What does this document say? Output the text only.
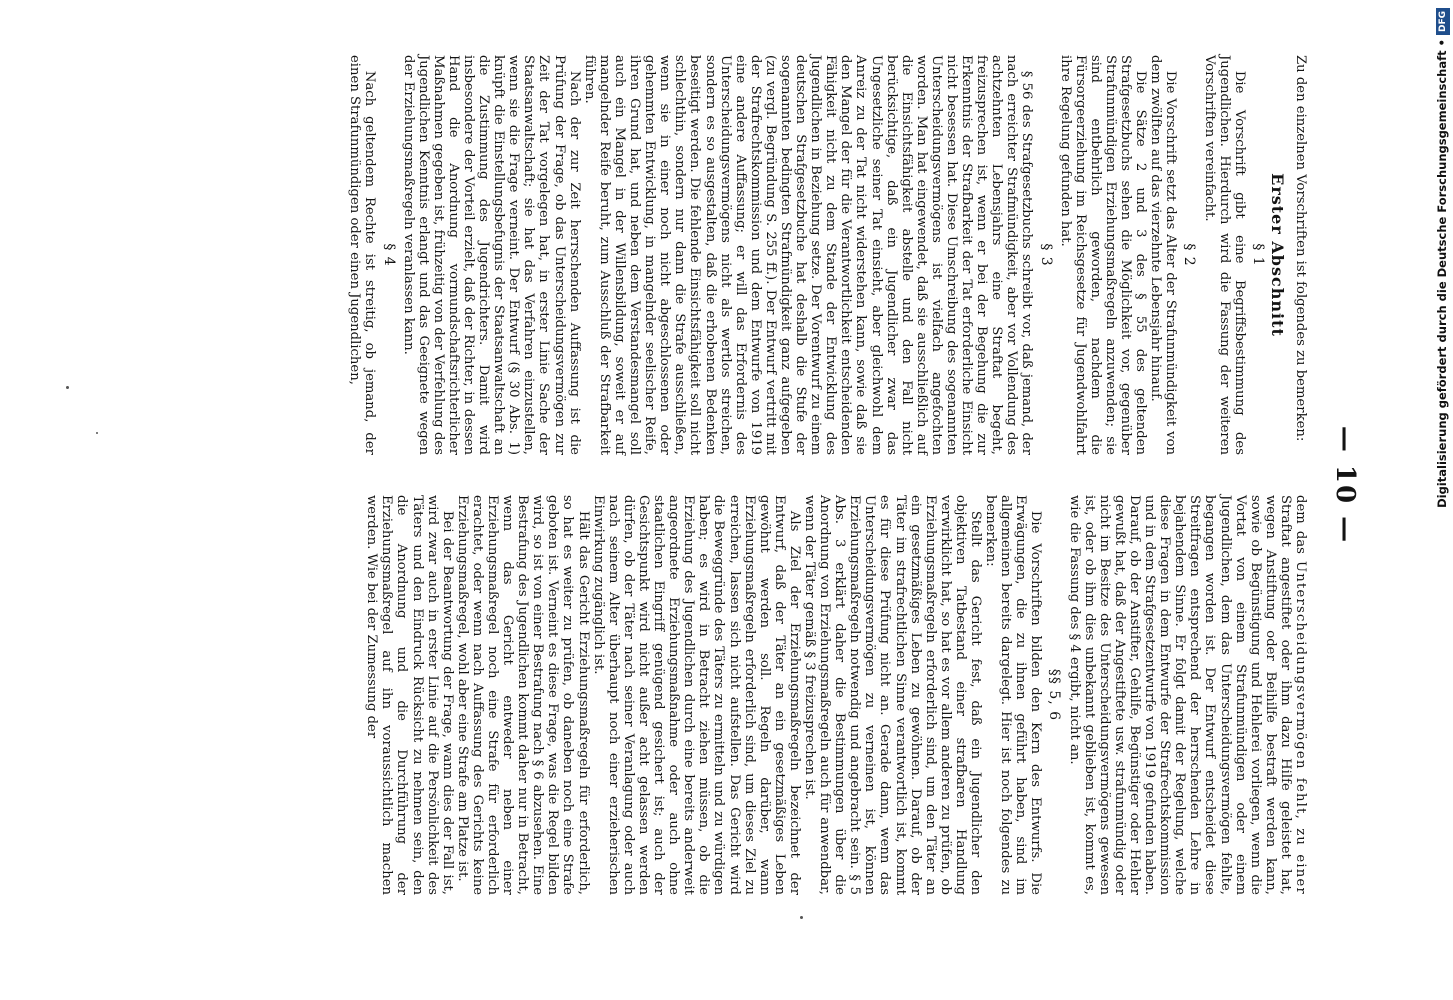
— 10 —

Zu den einzelnen Vorschriften ist folgendes zu bemerken:

Erster Abschnitt
§ 1

Die Vorschrift gibt eine Begriffsbestimmung des Jugendlichen. Hierdurch wird die Fassung der weiteren Vorschriften vereinfacht.

§ 2

Die Vorschrift setzt das Alter der Strafunmündigkeit von dem zwölften auf das vierzehnte Lebensjahr hinauf.

Die Sätze 2 und 3 des § 55 des geltenden Strafgesetzbuchs sehen die Möglichkeit vor, gegenüber Strafunmündigen Erziehungsmaßregeln anzuwenden; sie sind entbehrlich geworden, nachdem die Fürsorgeerziehung im Reichsgesetze für Jugendwohlfahrt ihre Regelung gefunden hat.

§ 3

§ 56 des Strafgesetzbuchs schreibt vor, daß jemand, der nach erreichter Strafmündigkeit, aber vor Vollendung des achtzehnten Lebensjahrs eine Straftat begeht, freizusprechen ist, wenn er bei der Begehung die zur Erkenntnis der Strafbarkeit der Tat erforderliche Einsicht nicht besessen hat. Diese Umschreibung des sogenannten Unterscheidungsvermögens ist vielfach angefochten worden. Man hat eingewendet, daß sie ausschließlich auf die Einsichtsfähigkeit abstelle und den Fall nicht berücksichtige, daß ein Jugendlicher zwar das Ungesetzliche seiner Tat einsieht, aber gleichwohl dem Anreiz zu der Tat nicht widerstehen kann, sowie daß sie den Mangel der für die Verantwortlichkeit entscheidenden Fähigkeit nicht zu dem Stande der Entwicklung des Jugendlichen in Beziehung setze. Der Vorentwurf zu einem deutschen Strafgesetzbuche hat deshalb die Stufe der sogenannten bedingten Strafmündigkeit ganz aufgegeben (zu vergl. Begründung S. 255 ff.). Der Entwurf vertritt mit der Strafrechtskommission und dem Entwurfe von 1919 eine andere Auffassung; er will das Erfordernis des Unterscheidungsvermögens nicht als wertlos streichen, sondern es so ausgestalten, daß die erhobenen Bedenken beseitigt werden. Die fehlende Einsichtsfähigkeit soll nicht schlechthin, sondern nur dann die Strafe ausschließen, wenn sie in einer noch nicht abgeschlossenen oder gehemmten Entwicklung, in mangelnder seelischer Reife, ihren Grund hat, und neben dem Verstandesmangel soll auch ein Mangel in der Willensbildung, soweit er auf mangelnder Reife beruht, zum Ausschluß der Strafbarkeit führen.

Nach der zur Zeit herrschenden Auffassung ist die Prüfung der Frage, ob das Unterscheidungsvermögen zur Zeit der Tat vorgelegen hat, in erster Linie Sache der Staatsanwaltschaft; sie hat das Verfahren einzustellen, wenn sie die Frage verneint. Der Entwurf (§ 30 Abs. 1) knüpft die Einstellungsbefugnis der Staatsanwaltschaft an die Zustimmung des Jugendrichters. Damit wird insbesondere der Vorteil erzielt, daß der Richter, in dessen Hand die Anordnung vormundschaftsrichterlicher Maßnahmen gegeben ist, frühzeitig von der Verfehlung des Jugendlichen Kenntnis erlangt und das Geeignete wegen der Erziehungsmaßregeln veranlassen kann.

§ 4

Nach geltendem Rechte ist streitig, ob jemand, der einen Strafunmündigen oder einen Jugendlichen,

dem das Unterscheidungsvermögen fehlt, zu einer Straftat angestiftet oder ihm dazu Hilfe geleistet hat, wegen Anstiftung oder Beihilfe bestraft werden kann, sowie ob Begünstigung und Hehlerei vorliegen, wenn die Vortat von einem Strafunmündigen oder einem Jugendlichen, dem das Unterscheidungsvermögen fehlte, begangen worden ist. Der Entwurf entscheidet diese Streitfragen entsprechend der herrschenden Lehre in bejahendem Sinne. Er folgt damit der Regelung, welche diese Fragen in dem Entwurfe der Strafrechtskommission und in dem Strafgesetzentwurfe von 1919 gefunden haben. Darauf, ob der Anstifter, Gehilfe, Begünstiger oder Hehler gewußt hat, daß der Angestiftete usw. strafunmündig oder nicht im Besitze des Unterscheidungsvermögens gewesen ist, oder ob ihm dies unbekannt geblieben ist, kommt es, wie die Fassung des § 4 ergibt, nicht an.

§§ 5, 6

Die Vorschriften bilden den Kern des Entwurfs. Die Erwägungen, die zu ihnen geführt haben, sind im allgemeinen bereits dargelegt. Hier ist noch folgendes zu bemerken:

Stellt das Gericht fest, daß ein Jugendlicher den objektiven Tatbestand einer strafbaren Handlung verwirklicht hat, so hat es vor allem anderen zu prüfen, ob Erziehungsmaßregeln erforderlich sind, um den Täter an ein gesetzmäßiges Leben zu gewöhnen. Darauf, ob der Täter im strafrechtlichen Sinne verantwortlich ist, kommt es für diese Prüfung nicht an. Gerade dann, wenn das Unterscheidungsvermögen zu verneinen ist, können Erziehungsmaßregeln notwendig und angebracht sein. § 5 Abs. 3 erklärt daher die Bestimmungen über die Anordnung von Erziehungsmaßregeln auch für anwendbar, wenn der Täter gemäß § 3 freizusprechen ist.

Als Ziel der Erziehungsmaßregeln bezeichnet der Entwurf, daß der Täter an ein gesetzmäßiges Leben gewöhnt werden soll. Regeln darüber, wann Erziehungsmaßregeln erforderlich sind, um dieses Ziel zu erreichen, lassen sich nicht aufstellen. Das Gericht wird die Beweggründe des Täters zu ermitteln und zu würdigen haben; es wird in Betracht ziehen müssen, ob die Erziehung des Jugendlichen durch eine bereits anderweit angeordnete Erziehungsmaßnahme oder auch ohne staatlichen Eingriff genügend gesichert ist; auch der Gesichtspunkt wird nicht außer acht gelassen werden dürfen, ob der Täter nach seiner Veranlagung oder auch nach seinem Alter überhaupt noch einer erzieherischen Einwirkung zugänglich ist.

Hält das Gericht Erziehungsmaßregeln für erforderlich, so hat es weiter zu prüfen, ob daneben noch eine Strafe geboten ist. Verneint es diese Frage, was die Regel bilden wird, so ist von einer Bestrafung nach § 6 abzusehen. Eine Bestrafung des Jugendlichen kommt daher nur in Betracht, wenn das Gericht entweder neben einer Erziehungsmaßregel noch eine Strafe für erforderlich erachtet, oder wenn nach Auffassung des Gerichts keine Erziehungsmaßregel, wohl aber eine Strafe am Platze ist.

Bei der Beantwortung der Frage, wann dies der Fall ist, wird zwar auch in erster Linie auf die Persönlichkeit des Täters und den Eindruck Rücksicht zu nehmen sein, den die Anordnung und die Durchführung der Erziehungsmaßregel auf ihn voraussichtlich machen werden. Wie bei der Zumessung der

Digitalisierung gefördert durch die Deutsche Forschungsgemeinschaft •DFG
